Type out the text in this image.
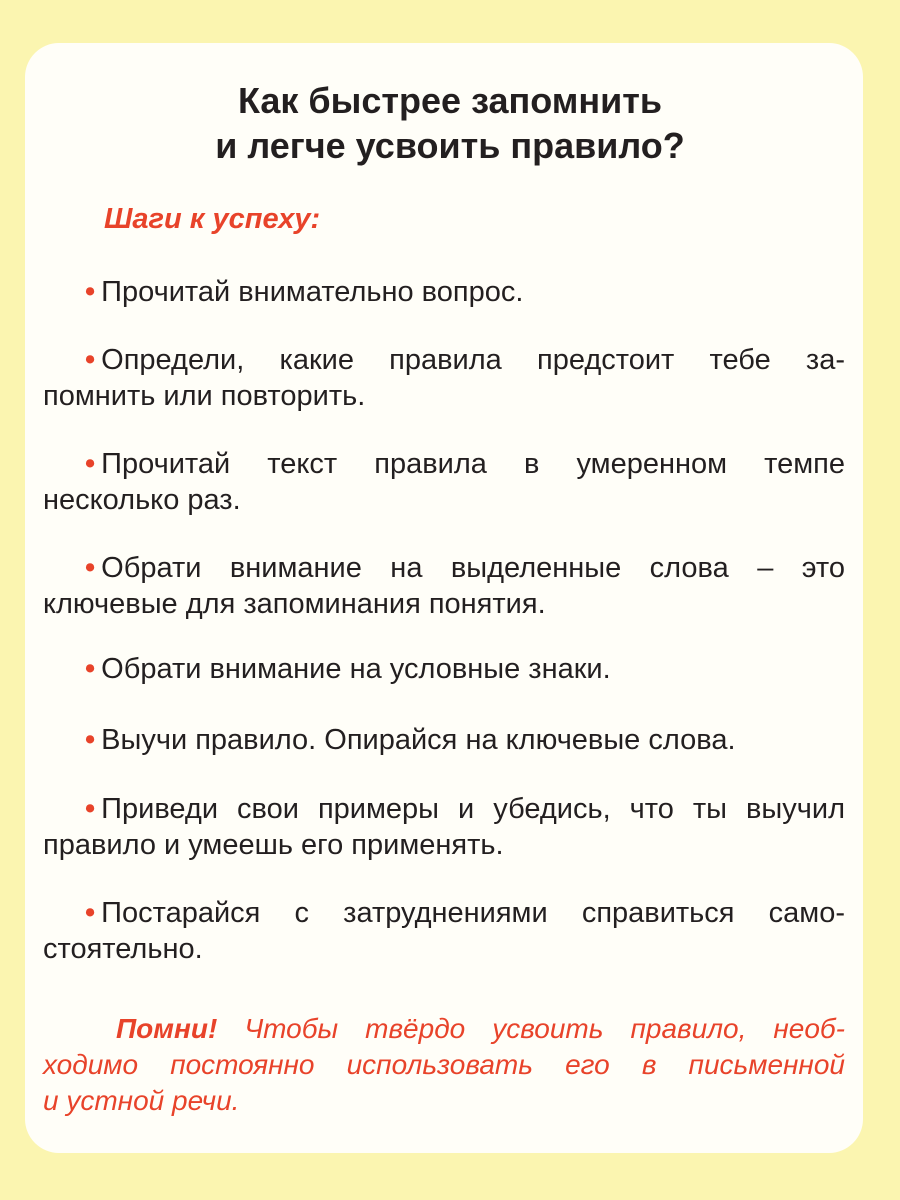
Как быстрее запомнить
и легче усвоить правило?
Шаги к успеху:
• Прочитай внимательно вопрос.
• Определи, какие правила предстоит тебе за-
помнить или повторить.
• Прочитай текст правила в умеренном темпе
несколько раз.
• Обрати внимание на выделенные слова – это
ключевые для запоминания понятия.
• Обрати внимание на условные знаки.
• Выучи правило. Опирайся на ключевые слова.
• Приведи свои примеры и убедись, что ты выучил
правило и умеешь его применять.
• Постарайся с затруднениями справиться само-
стоятельно.
Помни! Чтобы твёрдо усвоить правило, необ-
ходимо постоянно использовать его в письменной
и устной речи.
